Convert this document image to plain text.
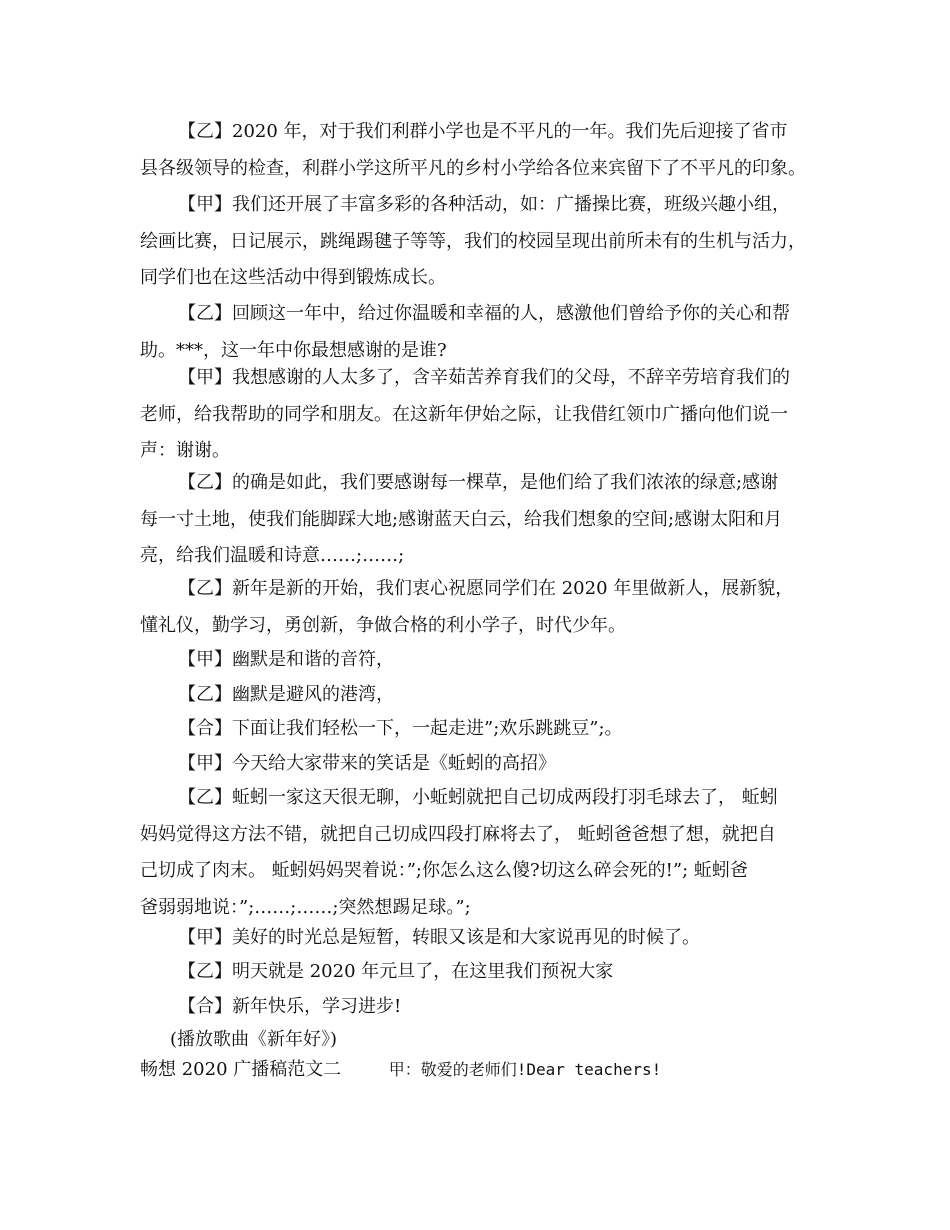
【乙】2020 年，对于我们利群小学也是不平凡的一年。我们先后迎接了省市
县各级领导的检查，利群小学这所平凡的乡村小学给各位来宾留下了不平凡的印象。
【甲】我们还开展了丰富多彩的各种活动，如：广播操比赛，班级兴趣小组，
绘画比赛，日记展示，跳绳踢毽子等等，我们的校园呈现出前所未有的生机与活力，
同学们也在这些活动中得到锻炼成长。
【乙】回顾这一年中，给过你温暖和幸福的人，感激他们曾给予你的关心和帮
助。***，这一年中你最想感谢的是谁?
【甲】我想感谢的人太多了，含辛茹苦养育我们的父母，不辞辛劳培育我们的
老师，给我帮助的同学和朋友。在这新年伊始之际，让我借红领巾广播向他们说一
声：谢谢。
【乙】的确是如此，我们要感谢每一棵草，是他们给了我们浓浓的绿意;感谢
每一寸土地，使我们能脚踩大地;感谢蓝天白云，给我们想象的空间;感谢太阳和月
亮，给我们温暖和诗意……;……;
【乙】新年是新的开始，我们衷心祝愿同学们在 2020 年里做新人，展新貌，
懂礼仪，勤学习，勇创新，争做合格的利小学子，时代少年。
【甲】幽默是和谐的音符，
【乙】幽默是避风的港湾，
【合】下面让我们轻松一下，一起走进”;欢乐跳跳豆”;。
【甲】今天给大家带来的笑话是《蚯蚓的高招》
【乙】蚯蚓一家这天很无聊，小蚯蚓就把自己切成两段打羽毛球去了， 蚯蚓
妈妈觉得这方法不错，就把自己切成四段打麻将去了， 蚯蚓爸爸想了想，就把自
己切成了肉末。 蚯蚓妈妈哭着说：”;你怎么这么傻?切这么碎会死的!”; 蚯蚓爸
爸弱弱地说：”;……;……;突然想踢足球。”;
【甲】美好的时光总是短暂，转眼又该是和大家说再见的时候了。
【乙】明天就是 2020 年元旦了，在这里我们预祝大家
【合】新年快乐，学习进步!
(播放歌曲《新年好》)
畅想 2020 广播稿范文二	甲：敬爱的老师们!Dear teachers!
